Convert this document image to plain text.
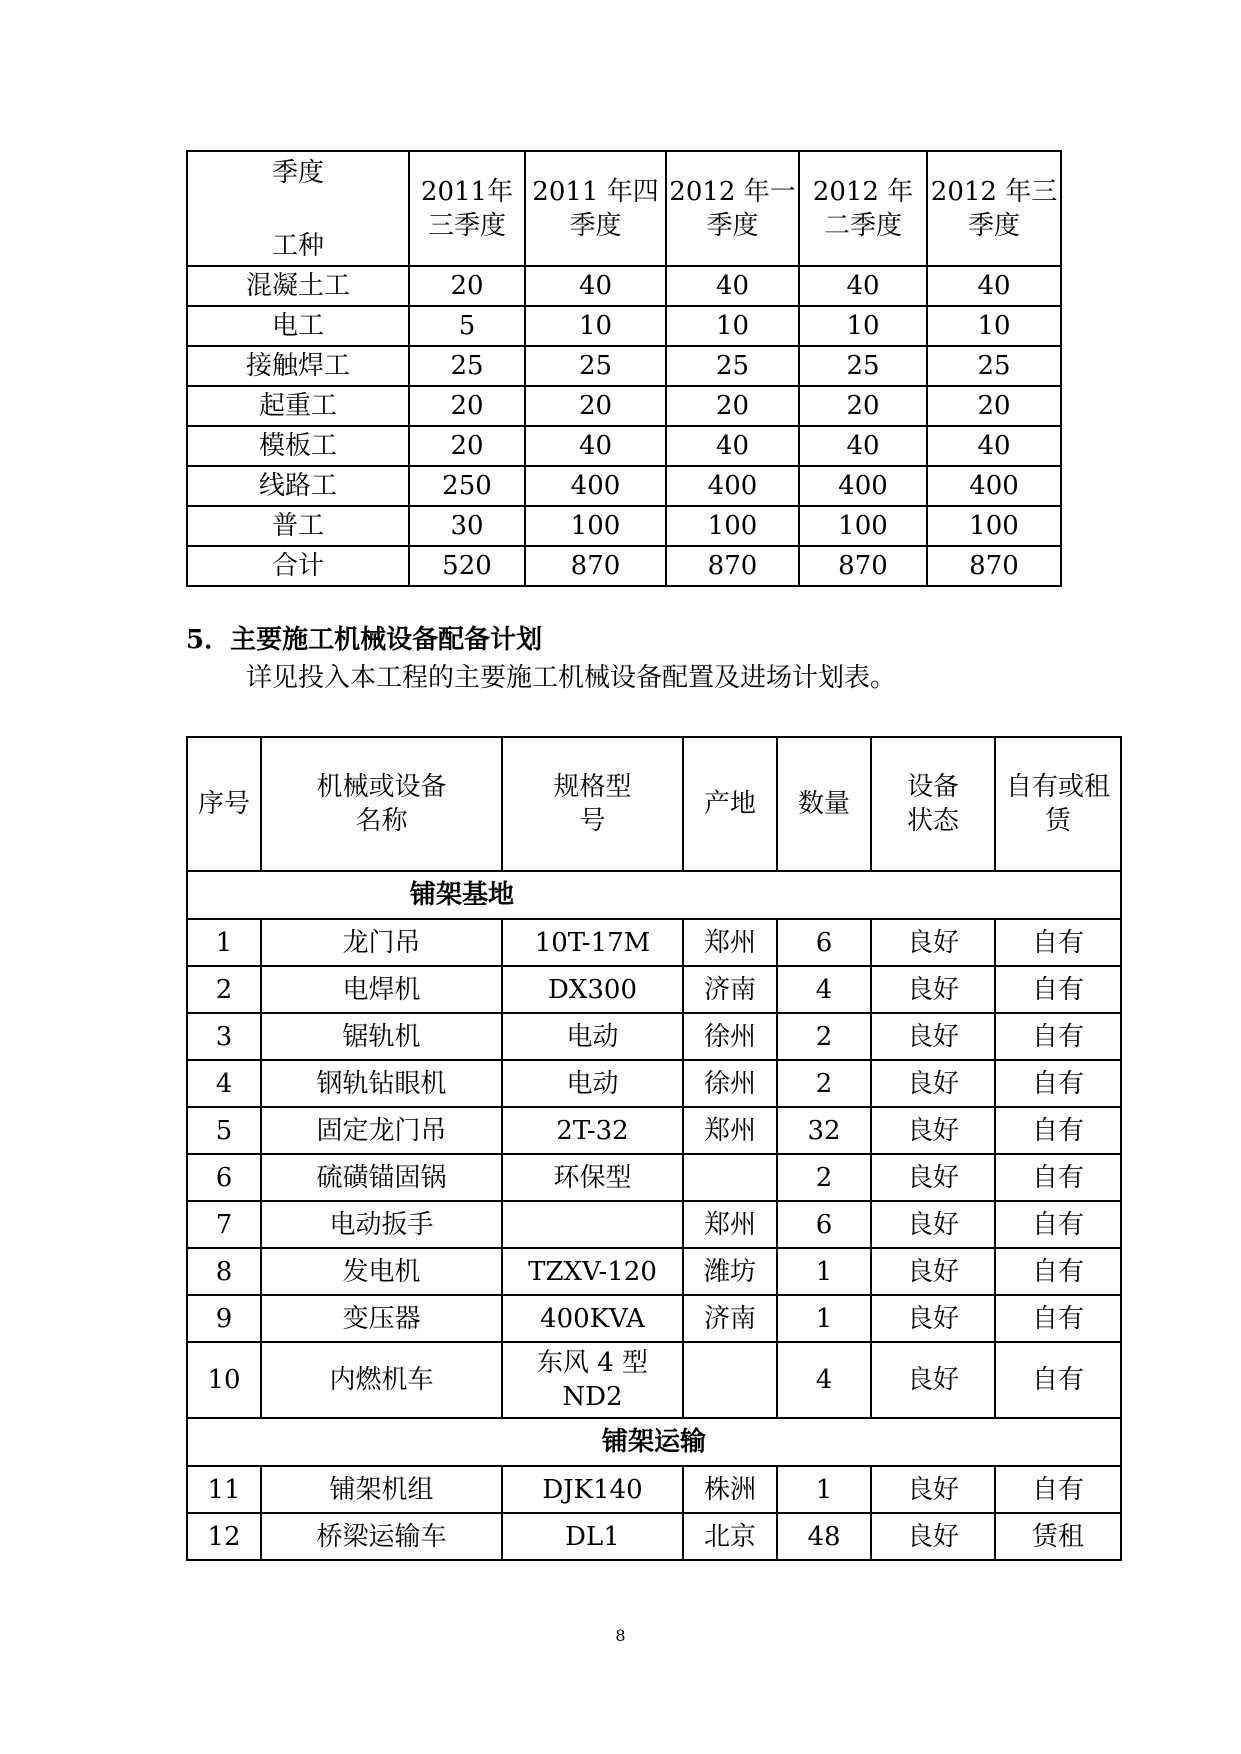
季度
工种	2011年三季度	2011 年四季度	2012 年一季度	2012 年二季度	2012 年三季度
混凝土工	20	40	40	40	40
电工	5	10	10	10	10
接触焊工	25	25	25	25	25
起重工	20	20	20	20	20
模板工	20	40	40	40	40
线路工	250	400	400	400	400
普工	30	100	100	100	100
合计	520	870	870	870	870
5．主要施工机械设备配备计划
详见投入本工程的主要施工机械设备配置及进场计划表。
序号	机械或设备名称	规格型号	产地	数量	设备状态	自有或租赁
铺架基地						
1	龙门吊	10T-17M	郑州	6	良好	自有
2	电焊机	DX300	济南	4	良好	自有
3	锯轨机	电动	徐州	2	良好	自有
4	钢轨钻眼机	电动	徐州	2	良好	自有
5	固定龙门吊	2T-32	郑州	32	良好	自有
6	硫磺锚固锅	环保型		2	良好	自有
7	电动扳手		郑州	6	良好	自有
8	发电机	TZXV-120	潍坊	1	良好	自有
9	变压器	400KVA	济南	1	良好	自有
10	内燃机车	东风 4 型ND2		4	良好	自有
铺架运输						
11	铺架机组	DJK140	株洲	1	良好	自有
12	桥梁运输车	DL1	北京	48	良好	赁租
8
